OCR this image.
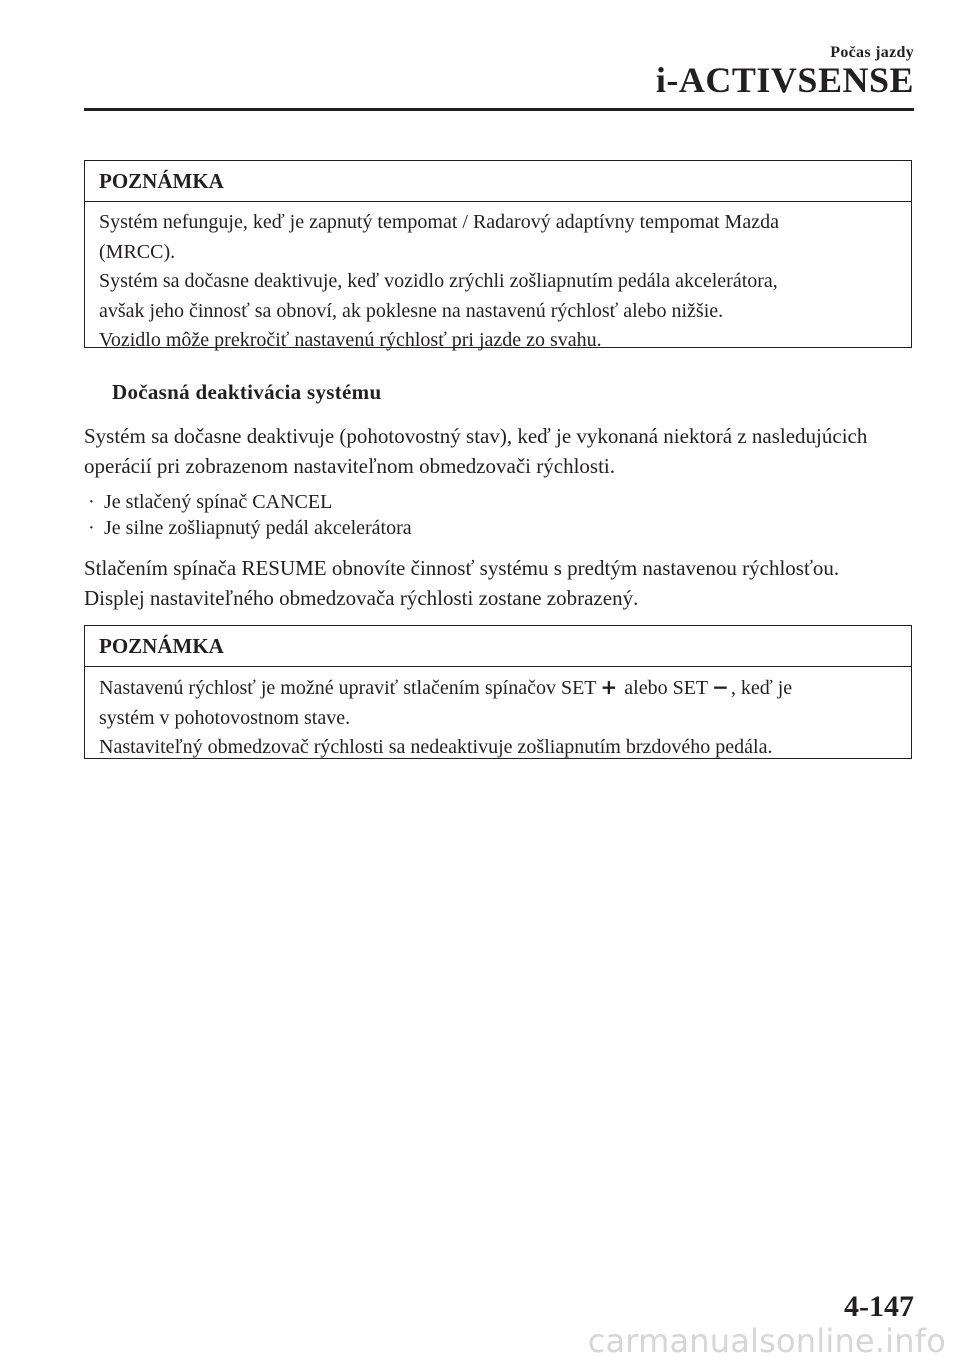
Počas jazdy
i-ACTIVSENSE
POZNÁMKA
Systém nefunguje, keď je zapnutý tempomat / Radarový adaptívny tempomat Mazda
(MRCC).
Systém sa dočasne deaktivuje, keď vozidlo zrýchli zošliapnutím pedála akcelerátora,
avšak jeho činnosť sa obnoví, ak poklesne na nastavenú rýchlosť alebo nižšie.
Vozidlo môže prekročiť nastavenú rýchlosť pri jazde zo svahu.
Dočasná deaktivácia systému
Systém sa dočasne deaktivuje (pohotovostný stav), keď je vykonaná niektorá z nasledujúcich
operácií pri zobrazenom nastaviteľnom obmedzovači rýchlosti.
· Je stlačený spínač CANCEL
· Je silne zošliapnutý pedál akcelerátora
Stlačením spínača RESUME obnovíte činnosť systému s predtým nastavenou rýchlosťou.
Displej nastaviteľného obmedzovača rýchlosti zostane zobrazený.
POZNÁMKA
Nastavenú rýchlosť je možné upraviť stlačením spínačov SET + alebo SET − , keď je
systém v pohotovostnom stave.
Nastaviteľný obmedzovač rýchlosti sa nedeaktivuje zošliapnutím brzdového pedála.
4-147
carmanualsonline.info
